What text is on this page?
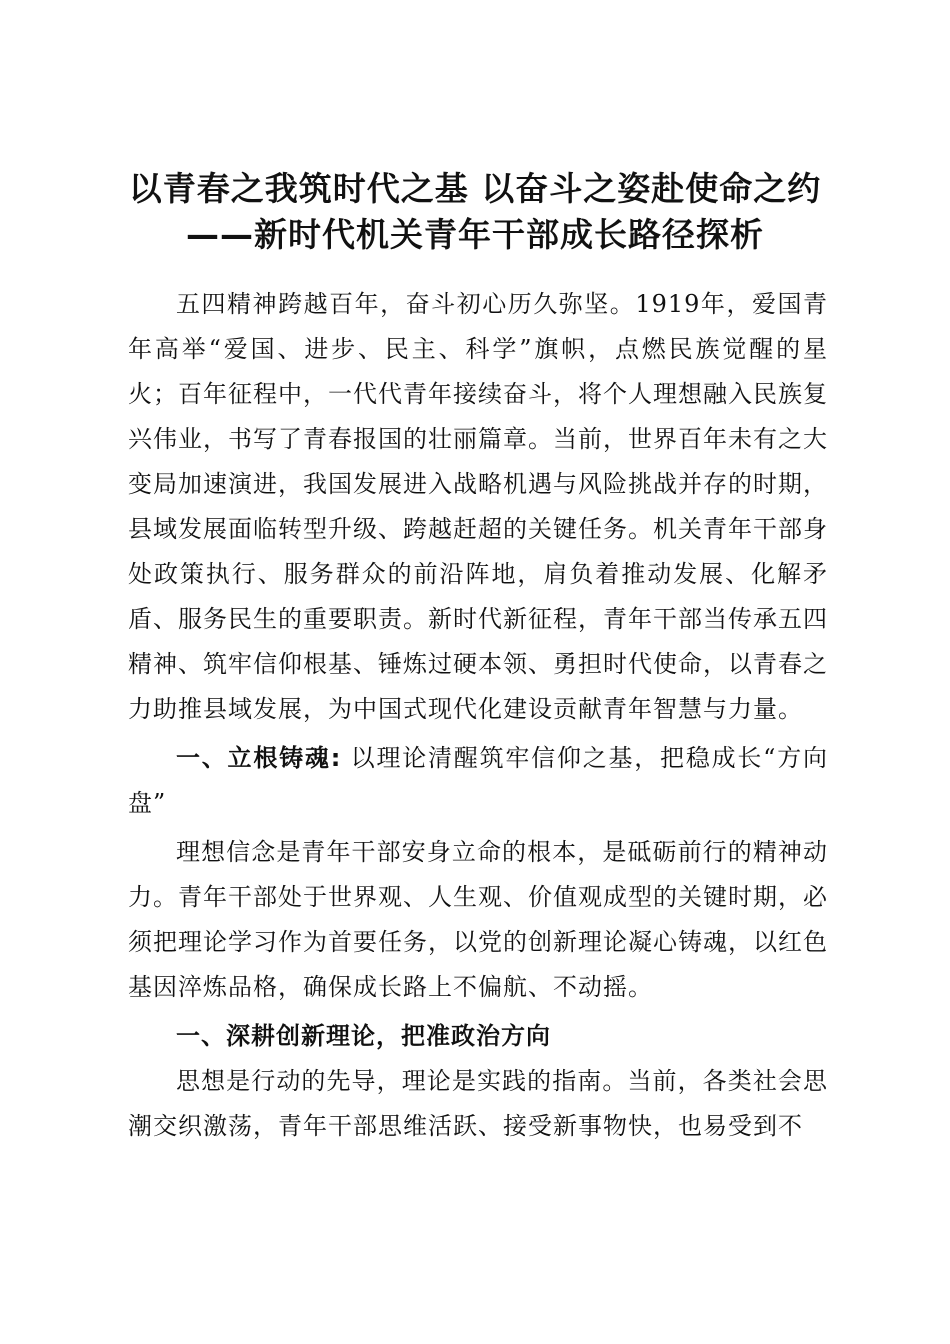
以青春之我筑时代之基 以奋斗之姿赴使命之约——新时代机关青年干部成长路径探析

五四精神跨越百年，奋斗初心历久弥坚。1919年，爱国青年高举“爱国、进步、民主、科学”旗帜，点燃民族觉醒的星火；百年征程中，一代代青年接续奋斗，将个人理想融入民族复兴伟业，书写了青春报国的壮丽篇章。当前，世界百年未有之大变局加速演进，我国发展进入战略机遇与风险挑战并存的时期，县域发展面临转型升级、跨越赶超的关键任务。机关青年干部身处政策执行、服务群众的前沿阵地，肩负着推动发展、化解矛盾、服务民生的重要职责。新时代新征程，青年干部当传承五四精神、筑牢信仰根基、锤炼过硬本领、勇担时代使命，以青春之力助推县域发展，为中国式现代化建设贡献青年智慧与力量。

一、立根铸魂: 以理论清醒筑牢信仰之基，把稳成长“方向盘”

理想信念是青年干部安身立命的根本，是砥砺前行的精神动力。青年干部处于世界观、人生观、价值观成型的关键时期，必须把理论学习作为首要任务，以党的创新理论凝心铸魂，以红色基因淬炼品格，确保成长路上不偏航、不动摇。

一、深耕创新理论，把准政治方向

思想是行动的先导，理论是实践的指南。当前，各类社会思潮交织激荡，青年干部思维活跃、接受新事物快，也易受到不
